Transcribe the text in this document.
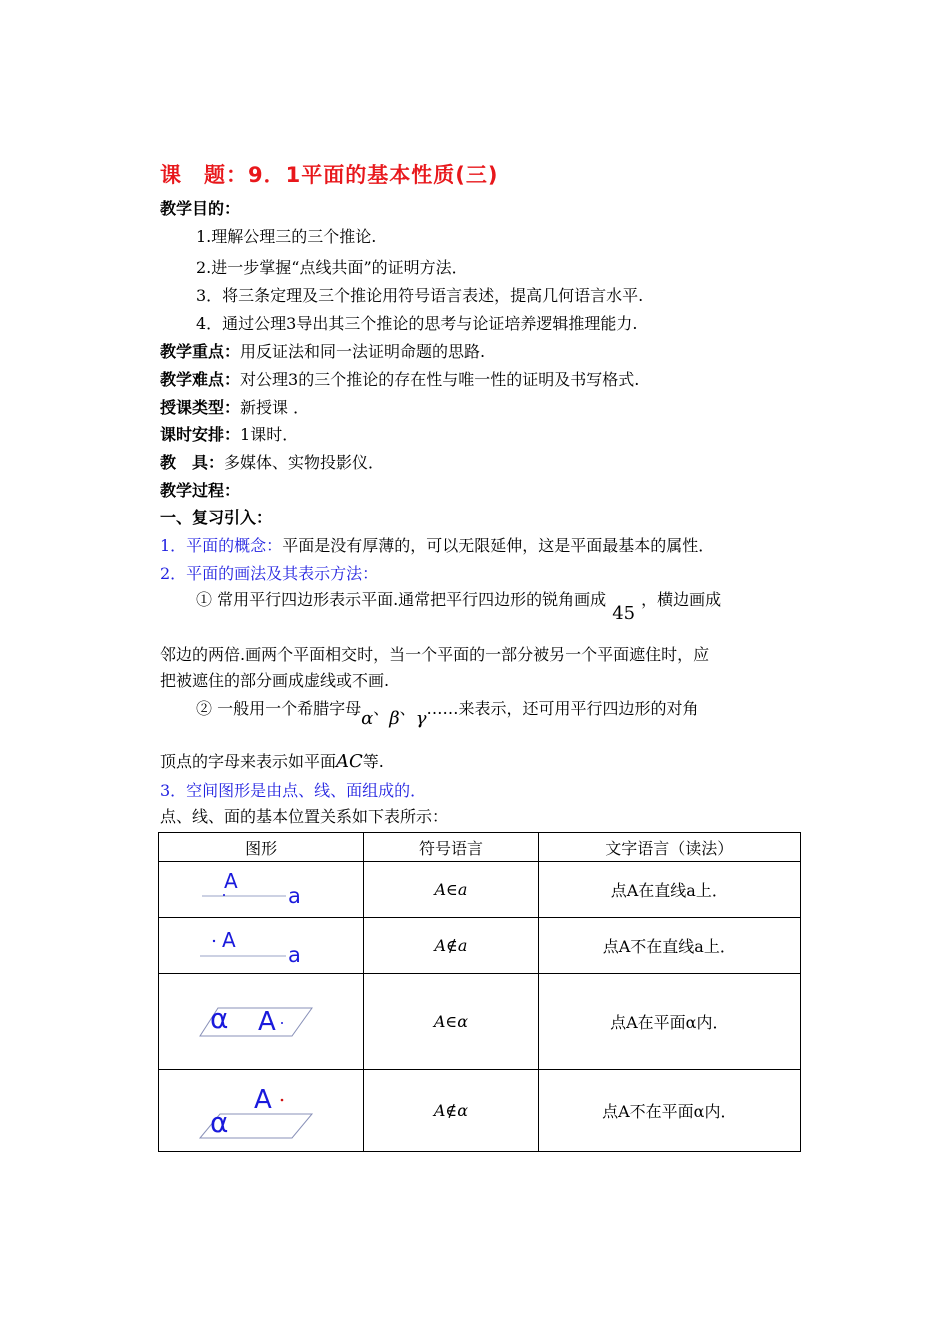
课　题：9．1平面的基本性质(三)
教学目的：
1.理解公理三的三个推论.
2.进一步掌握“点线共面”的证明方法．
3．将三条定理及三个推论用符号语言表述，提高几何语言水平.
4．通过公理3导出其三个推论的思考与论证培养逻辑推理能力.
教学重点：用反证法和同一法证明命题的思路.
教学难点：对公理3的三个推论的存在性与唯一性的证明及书写格式.
授课类型：新授课 ．
课时安排：1课时．
教　具：多媒体、实物投影仪．
教学过程：
一、复习引入：
1．平面的概念：平面是没有厚薄的，可以无限延伸，这是平面最基本的属性．
2．平面的画法及其表示方法：
① 常用平行四边形表示平面.通常把平行四边形的锐角画成45，横边画成
邻边的两倍.画两个平面相交时，当一个平面的一部分被另一个平面遮住时，应
把被遮住的部分画成虚线或不画.
② 一般用一个希腊字母α、β、γ……来表示，还可用平行四边形的对角
顶点的字母来表示如平面AC等.
3．空间图形是由点、线、面组成的．
点、线、面的基本位置关系如下表所示：
图形	符号语言	文字语言（读法）

A
a	A∈a	点A在直线a上．

A
a	A∉a	点A不在直线a上．

α A	A∈α	点A在平面α内．

α
A	A∉α	点A不在平面α内．
